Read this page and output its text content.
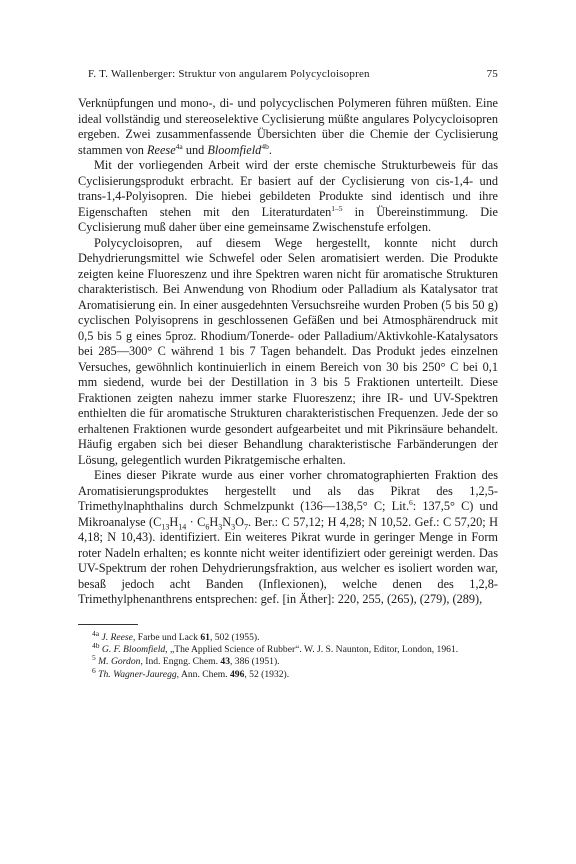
F. T. Wallenberger: Struktur von angularem Polycycloisopren	75

Verknüpfungen und mono-, di- und polycyclischen Polymeren führen müßten. Eine ideal vollständig und stereoselektive Cyclisierung müßte angulares Polycycloisopren ergeben. Zwei zusammenfassende Übersichten über die Chemie der Cyclisierung stammen von Reese$^{4a}$ und Bloomfield$^{4b}$.

Mit der vorliegenden Arbeit wird der erste chemische Strukturbeweis für das Cyclisierungsprodukt erbracht. Er basiert auf der Cyclisierung von cis-1,4- und trans-1,4-Polyisopren. Die hiebei gebildeten Produkte sind identisch und ihre Eigenschaften stehen mit den Literaturdaten$^{1-5}$ in Übereinstimmung. Die Cyclisierung muß daher über eine gemeinsame Zwischenstufe erfolgen.

Polycycloisopren, auf diesem Wege hergestellt, konnte nicht durch Dehydrierungsmittel wie Schwefel oder Selen aromatisiert werden. Die Produkte zeigten keine Fluoreszenz und ihre Spektren waren nicht für aromatische Strukturen charakteristisch. Bei Anwendung von Rhodium oder Palladium als Katalysator trat Aromatisierung ein. In einer ausgedehnten Versuchsreihe wurden Proben (5 bis 50 g) cyclischen Polyisoprens in geschlossenen Gefäßen und bei Atmosphärendruck mit 0,5 bis 5 g eines 5proz. Rhodium/Tonerde- oder Palladium/Aktivkohle-Katalysators bei 285—300° C während 1 bis 7 Tagen behandelt. Das Produkt jedes einzelnen Versuches, gewöhnlich kontinuierlich in einem Bereich von 30 bis 250° C bei 0,1 mm siedend, wurde bei der Destillation in 3 bis 5 Fraktionen unterteilt. Diese Fraktionen zeigten nahezu immer starke Fluoreszenz; ihre IR- und UV-Spektren enthielten die für aromatische Strukturen charakteristischen Frequenzen. Jede der so erhaltenen Fraktionen wurde gesondert aufgearbeitet und mit Pikrinsäure behandelt. Häufig ergaben sich bei dieser Behandlung charakteristische Farbänderungen der Lösung, gelegentlich wurden Pikratgemische erhalten.

Eines dieser Pikrate wurde aus einer vorher chromatographierten Fraktion des Aromatisierungsproduktes hergestellt und als das Pikrat des 1,2,5-Trimethylnaphthalins durch Schmelzpunkt (136—138,5° C; Lit.$^6$: 137,5° C) und Mikroanalyse ($C_{13}H_{14} \cdot C_6H_3N_3O_7$. Ber.: C 57,12; H 4,28; N 10,52. Gef.: C 57,20; H 4,18; N 10,43). identifiziert. Ein weiteres Pikrat wurde in geringer Menge in Form roter Nadeln erhalten; es konnte nicht weiter identifiziert oder gereinigt werden. Das UV-Spektrum der rohen Dehydrierungsfraktion, aus welcher es isoliert worden war, besaß jedoch acht Banden (Inflexionen), welche denen des 1,2,8-Trimethylphenanthrens entsprechen: gef. [in Äther]: 220, 255, (265), (279), (289),

$^{4a}$ J. Reese, Farbe und Lack 61, 502 (1955).

$^{4b}$ G. F. Bloomfield, „The Applied Science of Rubber“. W. J. S. Naunton, Editor, London, 1961.

$^5$ M. Gordon, Ind. Engng. Chem. 43, 386 (1951).

$^6$ Th. Wagner-Jauregg, Ann. Chem. 496, 52 (1932).
